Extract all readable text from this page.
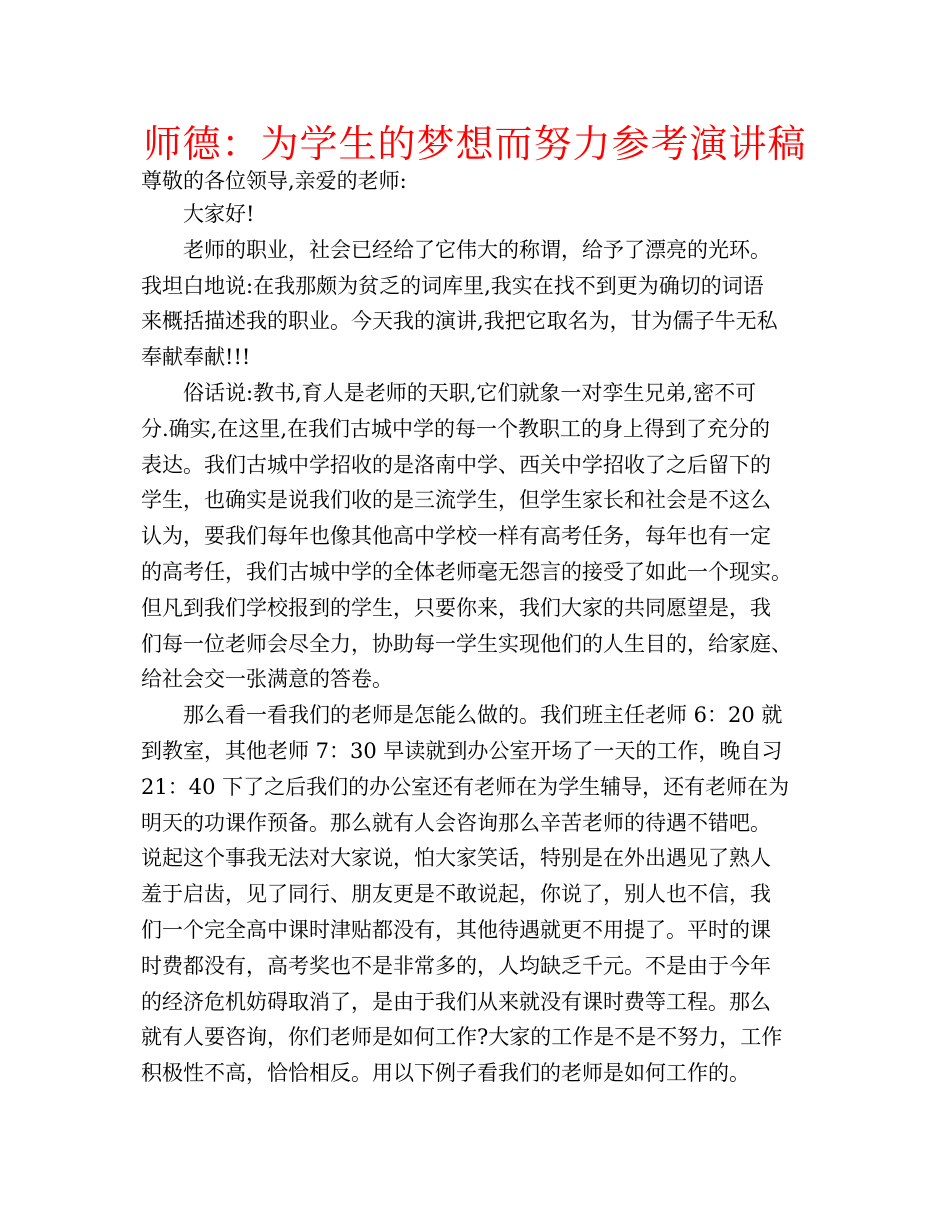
师德：为学生的梦想而努力参考演讲稿
尊敬的各位领导,亲爱的老师:
大家好!
老师的职业，社会已经给了它伟大的称谓，给予了漂亮的光环。
我坦白地说:在我那颇为贫乏的词库里,我实在找不到更为确切的词语
来概括描述我的职业。今天我的演讲,我把它取名为，甘为儒子牛无私
奉献奉献!!!
俗话说:教书,育人是老师的天职,它们就象一对孪生兄弟,密不可
分.确实,在这里,在我们古城中学的每一个教职工的身上得到了充分的
表达。我们古城中学招收的是洛南中学、西关中学招收了之后留下的
学生，也确实是说我们收的是三流学生，但学生家长和社会是不这么
认为，要我们每年也像其他高中学校一样有高考任务，每年也有一定
的高考任，我们古城中学的全体老师毫无怨言的接受了如此一个现实。
但凡到我们学校报到的学生，只要你来，我们大家的共同愿望是，我
们每一位老师会尽全力，协助每一学生实现他们的人生目的，给家庭、
给社会交一张满意的答卷。
那么看一看我们的老师是怎能么做的。我们班主任老师 6：20 就
到教室，其他老师 7：30 早读就到办公室开场了一天的工作，晚自习
21：40 下了之后我们的办公室还有老师在为学生辅导，还有老师在为
明天的功课作预备。那么就有人会咨询那么辛苦老师的待遇不错吧。
说起这个事我无法对大家说，怕大家笑话，特别是在外出遇见了熟人
羞于启齿，见了同行、朋友更是不敢说起，你说了，别人也不信，我
们一个完全高中课时津贴都没有，其他待遇就更不用提了。平时的课
时费都没有，高考奖也不是非常多的，人均缺乏千元。不是由于今年
的经济危机妨碍取消了，是由于我们从来就没有课时费等工程。那么
就有人要咨询，你们老师是如何工作?大家的工作是不是不努力，工作
积极性不高，恰恰相反。用以下例子看我们的老师是如何工作的。
